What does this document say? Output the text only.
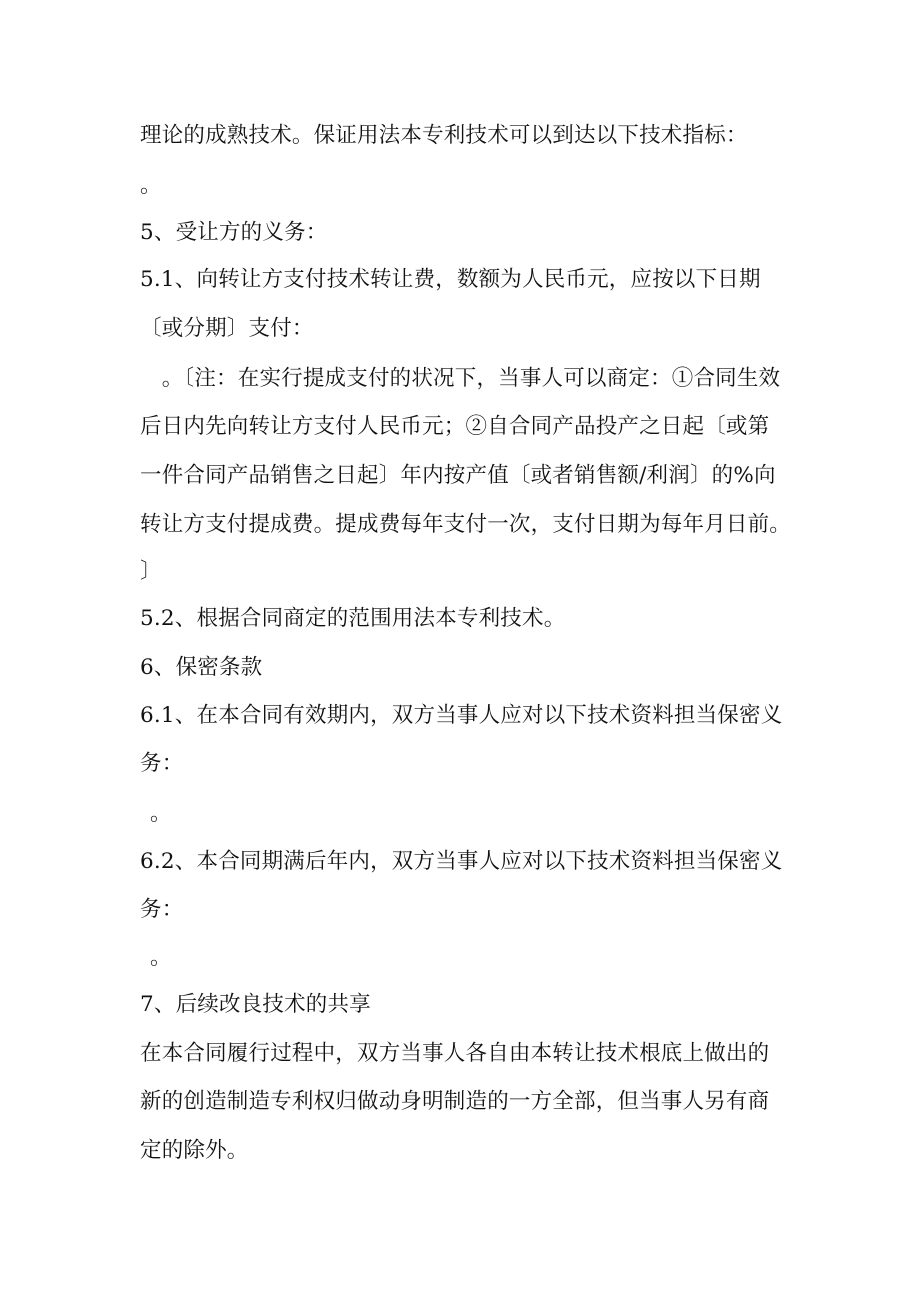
理论的成熟技术。保证用法本专利技术可以到达以下技术指标：
。
5、受让方的义务：
5.1、向转让方支付技术转让费，数额为人民币元，应按以下日期
〔或分期〕支付：
　。〔注：在实行提成支付的状况下，当事人可以商定：①合同生效
后日内先向转让方支付人民币元；②自合同产品投产之日起〔或第
一件合同产品销售之日起〕年内按产值〔或者销售额/利润〕的%向
转让方支付提成费。提成费每年支付一次，支付日期为每年月日前。
〕
5.2、根据合同商定的范围用法本专利技术。
6、保密条款
6.1、在本合同有效期内，双方当事人应对以下技术资料担当保密义
务：
。
6.2、本合同期满后年内，双方当事人应对以下技术资料担当保密义
务：
。
7、后续改良技术的共享
在本合同履行过程中，双方当事人各自由本转让技术根底上做出的
新的创造制造专利权归做动身明制造的一方全部，但当事人另有商
定的除外。
